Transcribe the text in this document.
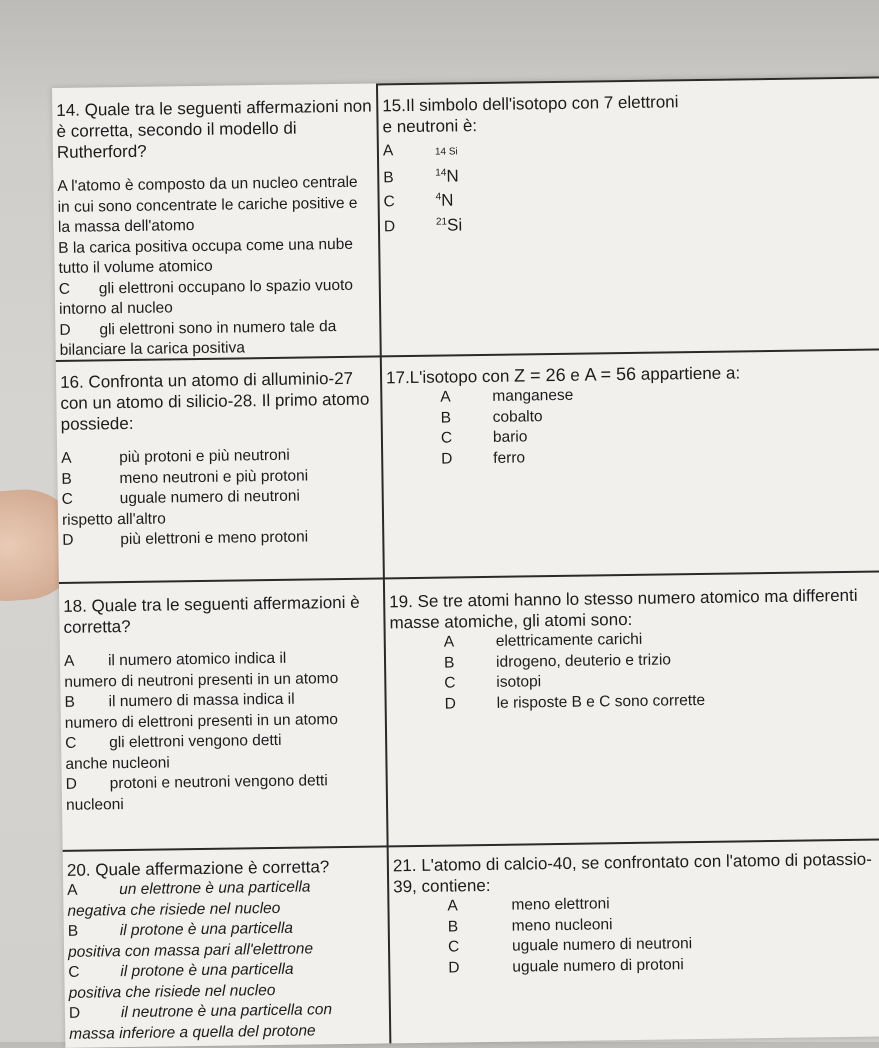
14. Quale tra le seguenti affermazioni non è corretta, secondo il modello di Rutherford?
A l'atomo è composto da un nucleo centrale in cui sono concentrate le cariche positive e la massa dell'atomo
B la carica positiva occupa come una nube tutto il volume atomico
C gli elettroni occupano lo spazio vuoto intorno al nucleo
D gli elettroni sono in numero tale da bilanciare la carica positiva
15.Il simbolo dell'isotopo con 7 elettroni e neutroni è:
A	14 Si
B	$^{14}$N
C	$^4$N
D	$^{21}$Si
16. Confronta un atomo di alluminio-27 con un atomo di silicio-28. Il primo atomo possiede:
A	più protoni e più neutroni
B	meno neutroni e più protoni
C	uguale numero di neutroni
rispetto all'altro
D	più elettroni e meno protoni
17.L'isotopo con Z = 26 e A = 56 appartiene a:
A	manganese
B	cobalto
C	bario
D	ferro
18. Quale tra le seguenti affermazioni è corretta?
A il numero atomico indica il
numero di neutroni presenti in un atomo
B il numero di massa indica il
numero di elettroni presenti in un atomo
C gli elettroni vengono detti
anche nucleoni
D protoni e neutroni vengono detti
nucleoni
19. Se tre atomi hanno lo stesso numero atomico ma differenti masse atomiche, gli atomi sono:
A	elettricamente carichi
B	idrogeno, deuterio e trizio
C	isotopi
D	le risposte B e C sono corrette
20. Quale affermazione è corretta?
A	un elettrone è una particella
negativa che risiede nel nucleo
B	il protone è una particella
positiva con massa pari all'elettrone
C	il protone è una particella
positiva che risiede nel nucleo
D	il neutrone è una particella con
massa inferiore a quella del protone
21. L'atomo di calcio-40, se confrontato con l'atomo di potassio-39, contiene:
A	meno elettroni
B	meno nucleoni
C	uguale numero di neutroni
D	uguale numero di protoni
